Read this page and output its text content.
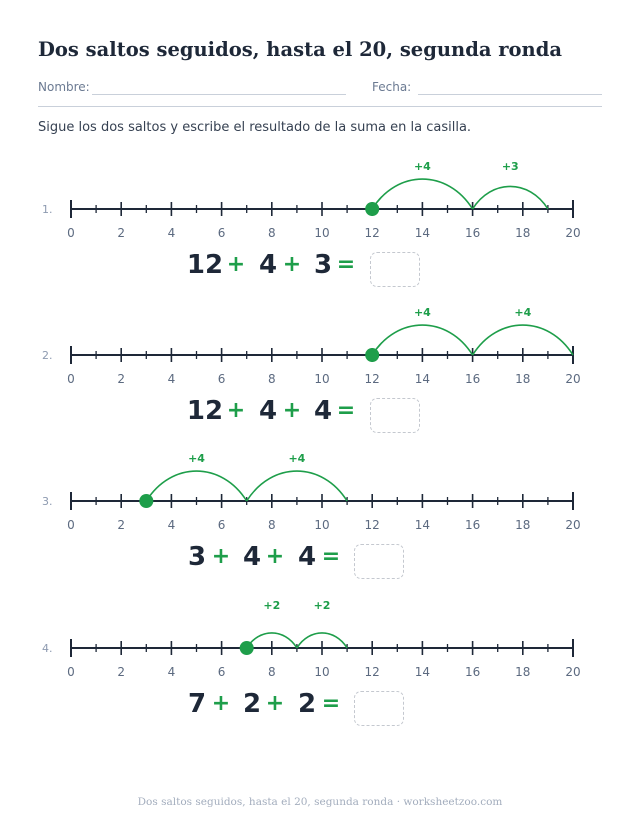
Dos saltos seguidos, hasta el 20, segunda ronda
Nombre:	Fecha:
Sigue los dos saltos y escribe el resultado de la suma en la casilla.
1.
0	2	4	6	8	10	12	14	16	18	20
+4	+3
12 4 3
+ + =
2.
0	2	4	6	8	10	12	14	16	18	20
+4	+4
12 4 4
+ + =
3.
0	2	4	6	8	10	12	14	16	18	20
+4	+4
3 4 4
+ + =
4.
0	2	4	6	8	10	12	14	16	18	20
+2	+2
7 2 2
+ + =
Dos saltos seguidos, hasta el 20, segunda ronda · worksheetzoo.com
